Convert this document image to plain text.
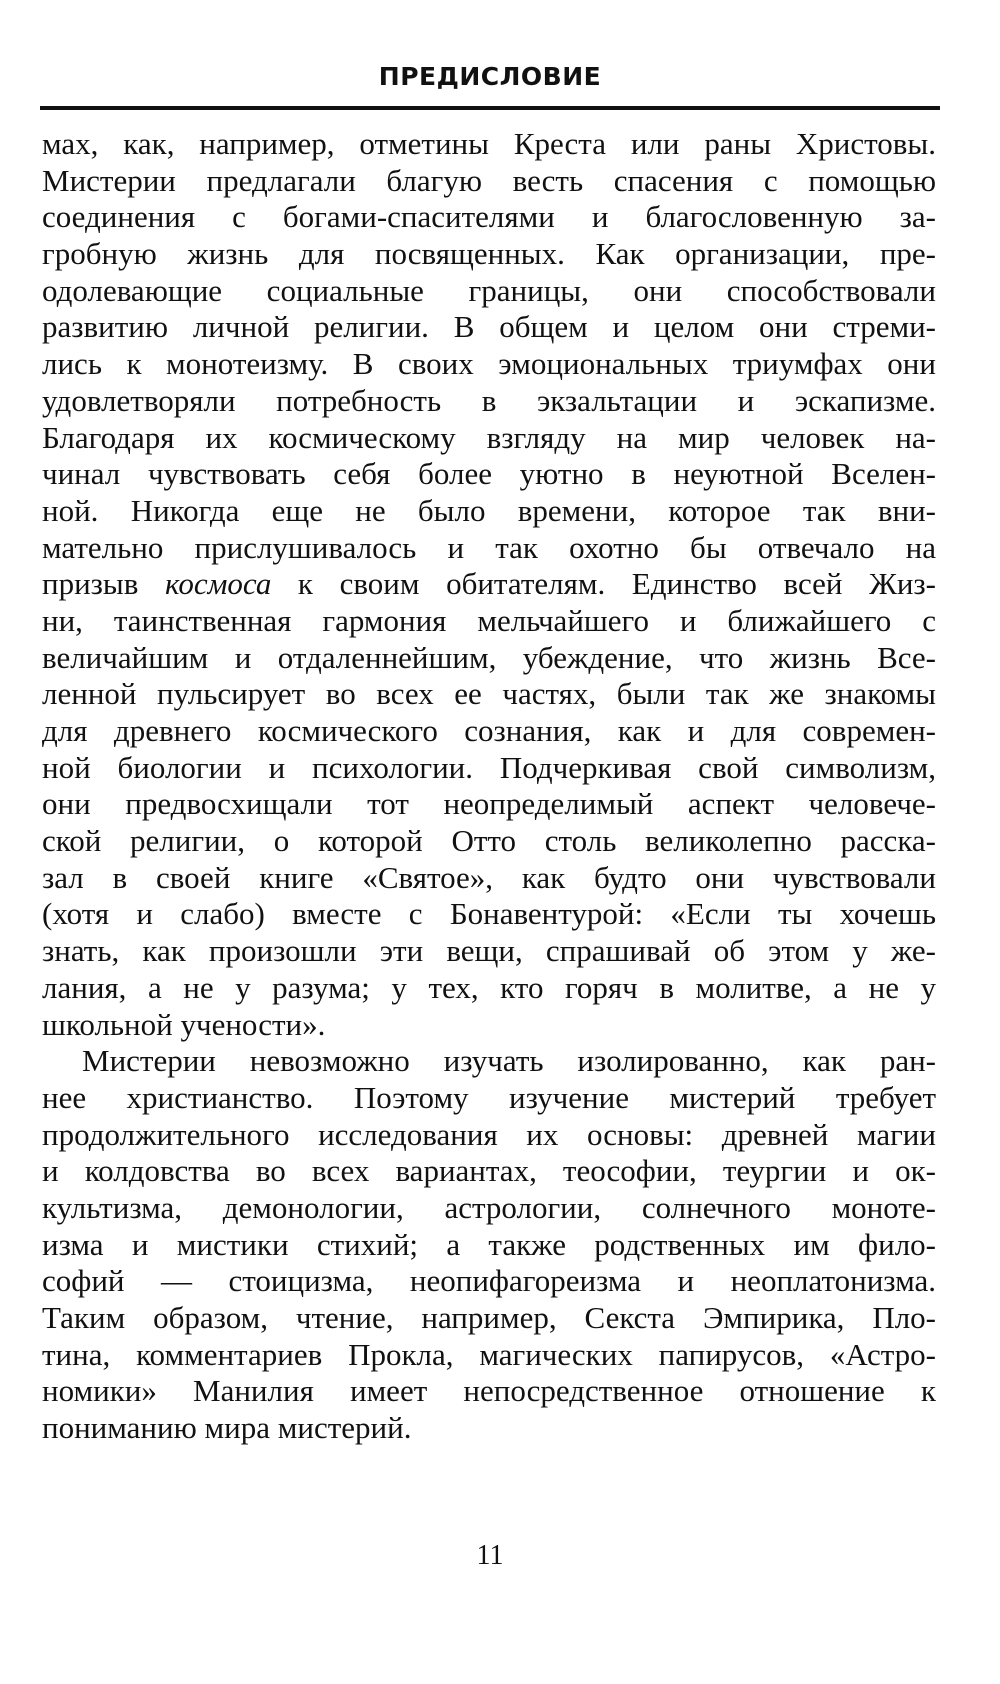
ПРЕДИСЛОВИЕ
мах, как, например, отметины Креста или раны Христовы.
Мистерии предлагали благую весть спасения с помощью
соединения с богами-спасителями и благословенную за-
гробную жизнь для посвященных. Как организации, пре-
одолевающие социальные границы, они способствовали
развитию личной религии. В общем и целом они стреми-
лись к монотеизму. В своих эмоциональных триумфах они
удовлетворяли потребность в экзальтации и эскапизме.
Благодаря их космическому взгляду на мир человек на-
чинал чувствовать себя более уютно в неуютной Вселен-
ной. Никогда еще не было времени, которое так вни-
мательно прислушивалось и так охотно бы отвечало на
призыв космоса к своим обитателям. Единство всей Жиз-
ни, таинственная гармония мельчайшего и ближайшего с
величайшим и отдаленнейшим, убеждение, что жизнь Все-
ленной пульсирует во всех ее частях, были так же знакомы
для древнего космического сознания, как и для современ-
ной биологии и психологии. Подчеркивая свой символизм,
они предвосхищали тот неопределимый аспект человече-
ской религии, о которой Отто столь великолепно расска-
зал в своей книге «Святое», как будто они чувствовали
(хотя и слабо) вместе с Бонавентурой: «Если ты хочешь
знать, как произошли эти вещи, спрашивай об этом у же-
лания, а не у разума; у тех, кто горяч в молитве, а не у
школьной учености».
Мистерии невозможно изучать изолированно, как ран-
нее христианство. Поэтому изучение мистерий требует
продолжительного исследования их основы: древней магии
и колдовства во всех вариантах, теософии, теургии и ок-
культизма, демонологии, астрологии, солнечного моноте-
изма и мистики стихий; а также родственных им фило-
софий — стоицизма, неопифагореизма и неоплатонизма.
Таким образом, чтение, например, Секста Эмпирика, Пло-
тина, комментариев Прокла, магических папирусов, «Астро-
номики» Манилия имеет непосредственное отношение к
пониманию мира мистерий.
11
